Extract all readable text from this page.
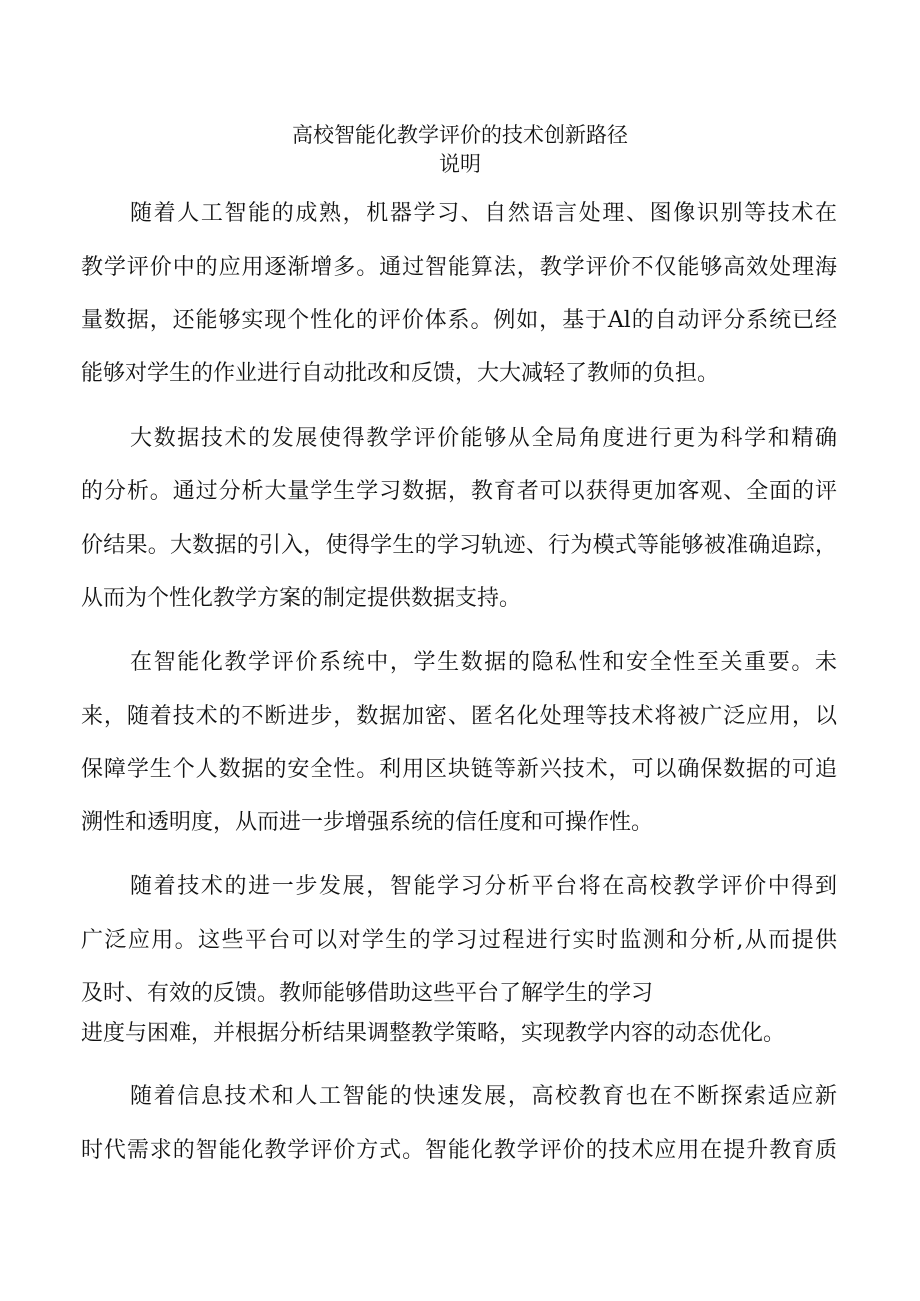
高校智能化教学评价的技术创新路径
说明
随着人工智能的成熟，机器学习、自然语言处理、图像识别等技术在
教学评价中的应用逐渐增多。通过智能算法，教学评价不仅能够高效处理海
量数据，还能够实现个性化的评价体系。例如，基于Al的自动评分系统已经
能够对学生的作业进行自动批改和反馈，大大减轻了教师的负担。
大数据技术的发展使得教学评价能够从全局角度进行更为科学和精确
的分析。通过分析大量学生学习数据，教育者可以获得更加客观、全面的评
价结果。大数据的引入，使得学生的学习轨迹、行为模式等能够被准确追踪，
从而为个性化教学方案的制定提供数据支持。
在智能化教学评价系统中，学生数据的隐私性和安全性至关重要。未
来，随着技术的不断进步，数据加密、匿名化处理等技术将被广泛应用，以
保障学生个人数据的安全性。利用区块链等新兴技术，可以确保数据的可追
溯性和透明度，从而进一步增强系统的信任度和可操作性。
随着技术的进一步发展，智能学习分析平台将在高校教学评价中得到
广泛应用。这些平台可以对学生的学习过程进行实时监测和分析,从而提供
及时、有效的反馈。教师能够借助这些平台了解学生的学习
进度与困难，并根据分析结果调整教学策略，实现教学内容的动态优化。
随着信息技术和人工智能的快速发展，高校教育也在不断探索适应新
时代需求的智能化教学评价方式。智能化教学评价的技术应用在提升教育质
